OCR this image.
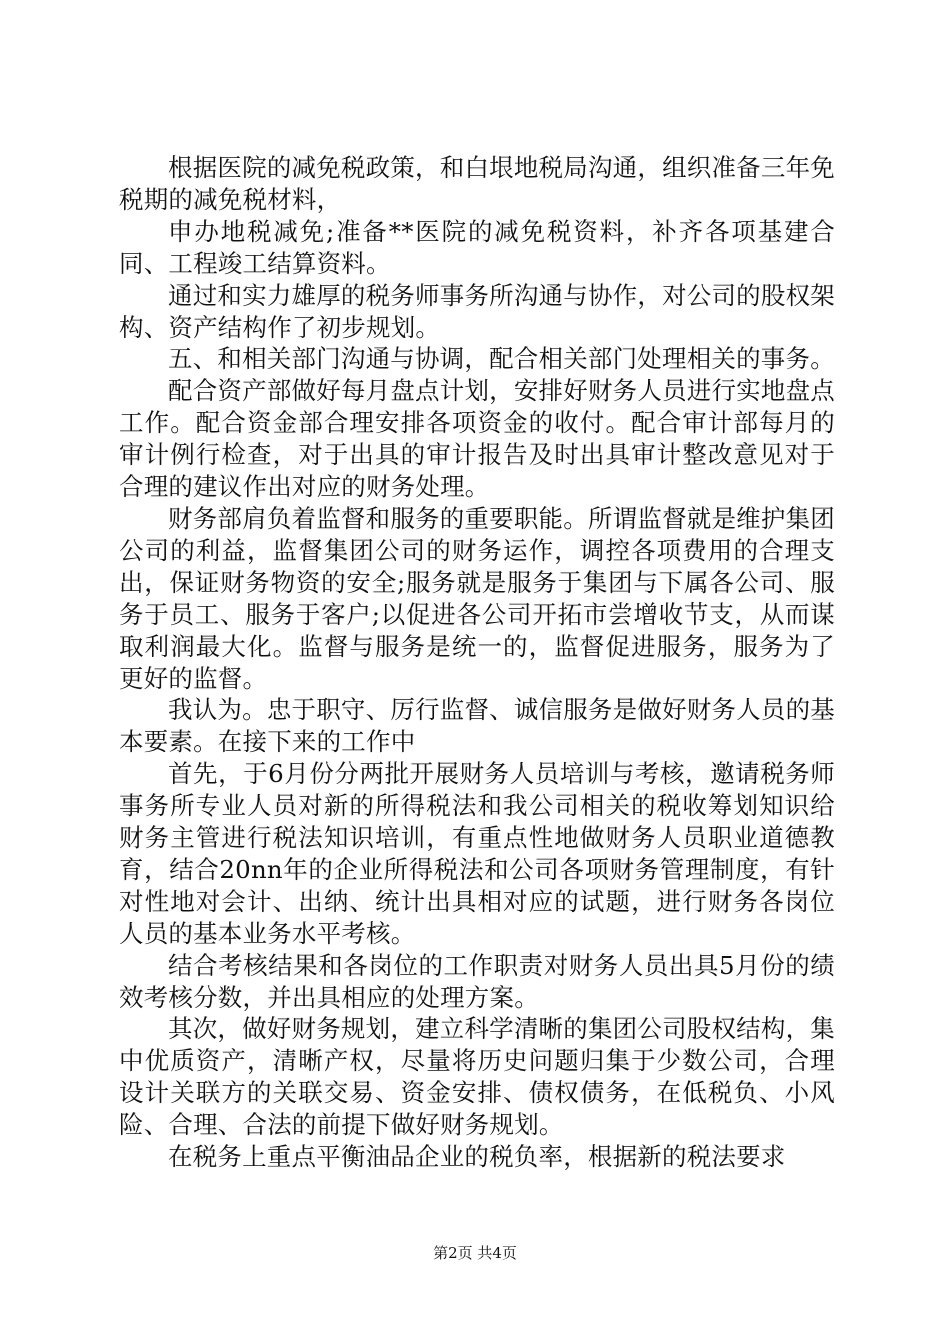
根据医院的减免税政策，和白垠地税局沟通，组织准备三年免税期的减免税材料，

申办地税减免;准备**医院的减免税资料，补齐各项基建合同、工程竣工结算资料。

通过和实力雄厚的税务师事务所沟通与协作，对公司的股权架构、资产结构作了初步规划。

五、和相关部门沟通与协调，配合相关部门处理相关的事务。

配合资产部做好每月盘点计划，安排好财务人员进行实地盘点工作。配合资金部合理安排各项资金的收付。配合审计部每月的审计例行检查，对于出具的审计报告及时出具审计整改意见对于合理的建议作出对应的财务处理。

财务部肩负着监督和服务的重要职能。所谓监督就是维护集团公司的利益，监督集团公司的财务运作，调控各项费用的合理支出，保证财务物资的安全;服务就是服务于集团与下属各公司、服务于员工、服务于客户;以促进各公司开拓市尝增收节支，从而谋取利润最大化。监督与服务是统一的，监督促进服务，服务为了更好的监督。

我认为。忠于职守、厉行监督、诚信服务是做好财务人员的基本要素。在接下来的工作中

首先，于6月份分两批开展财务人员培训与考核，邀请税务师事务所专业人员对新的所得税法和我公司相关的税收筹划知识给财务主管进行税法知识培训，有重点性地做财务人员职业道德教育，结合20nn年的企业所得税法和公司各项财务管理制度，有针对性地对会计、出纳、统计出具相对应的试题，进行财务各岗位人员的基本业务水平考核。

结合考核结果和各岗位的工作职责对财务人员出具5月份的绩效考核分数，并出具相应的处理方案。

其次，做好财务规划，建立科学清晰的集团公司股权结构，集中优质资产，清晰产权，尽量将历史问题归集于少数公司，合理设计关联方的关联交易、资金安排、债权债务，在低税负、小风险、合理、合法的前提下做好财务规划。

在税务上重点平衡油品企业的税负率，根据新的税法要求

第2页 共4页
